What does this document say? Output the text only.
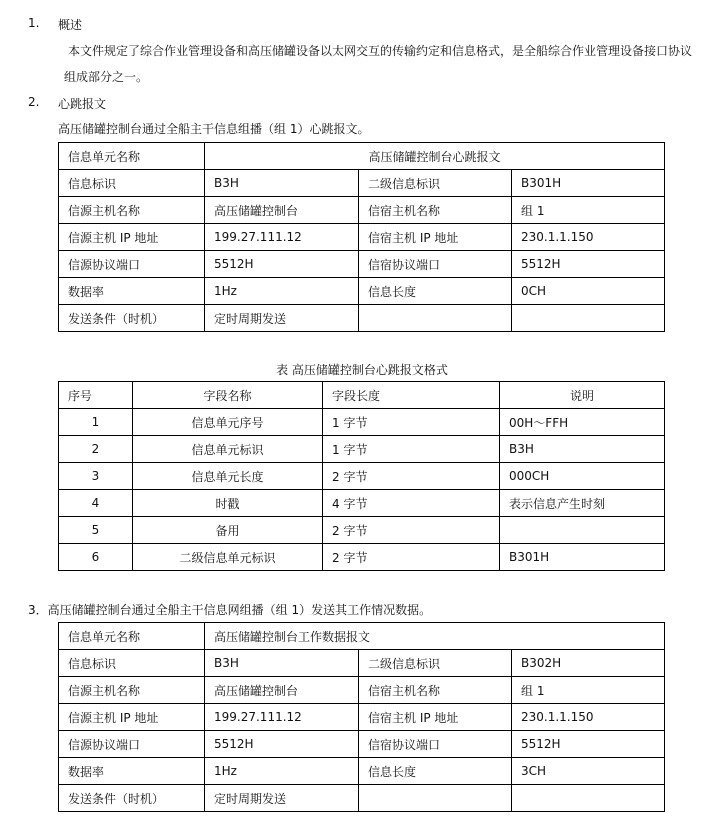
1. 概述
本文件规定了综合作业管理设备和高压储罐设备以太网交互的传输约定和信息格式，是全船综合作业管理设备接口协议
组成部分之一。
2. 心跳报文
高压储罐控制台通过全船主干信息组播（组 1）心跳报文。
信息单元名称	高压储罐控制台心跳报文		
信息标识	B3H	二级信息标识	B301H
信源主机名称	高压储罐控制台	信宿主机名称	组 1
信源主机 IP 地址	199.27.111.12	信宿主机 IP 地址	230.1.1.150
信源协议端口	5512H	信宿协议端口	5512H
数据率	1Hz	信息长度	0CH
发送条件（时机）	定时周期发送		
表 高压储罐控制台心跳报文格式
序号	字段名称	字段长度	说明
1	信息单元序号	1 字节	00H～FFH
2	信息单元标识	1 字节	B3H
3	信息单元长度	2 字节	000CH
4	时戳	4 字节	表示信息产生时刻
5	备用	2 字节	
6	二级信息单元标识	2 字节	B301H
3．高压储罐控制台通过全船主干信息网组播（组 1）发送其工作情况数据。
信息单元名称	高压储罐控制台工作数据报文		
信息标识	B3H	二级信息标识	B302H
信源主机名称	高压储罐控制台	信宿主机名称	组 1
信源主机 IP 地址	199.27.111.12	信宿主机 IP 地址	230.1.1.150
信源协议端口	5512H	信宿协议端口	5512H
数据率	1Hz	信息长度	3CH
发送条件（时机）	定时周期发送		
